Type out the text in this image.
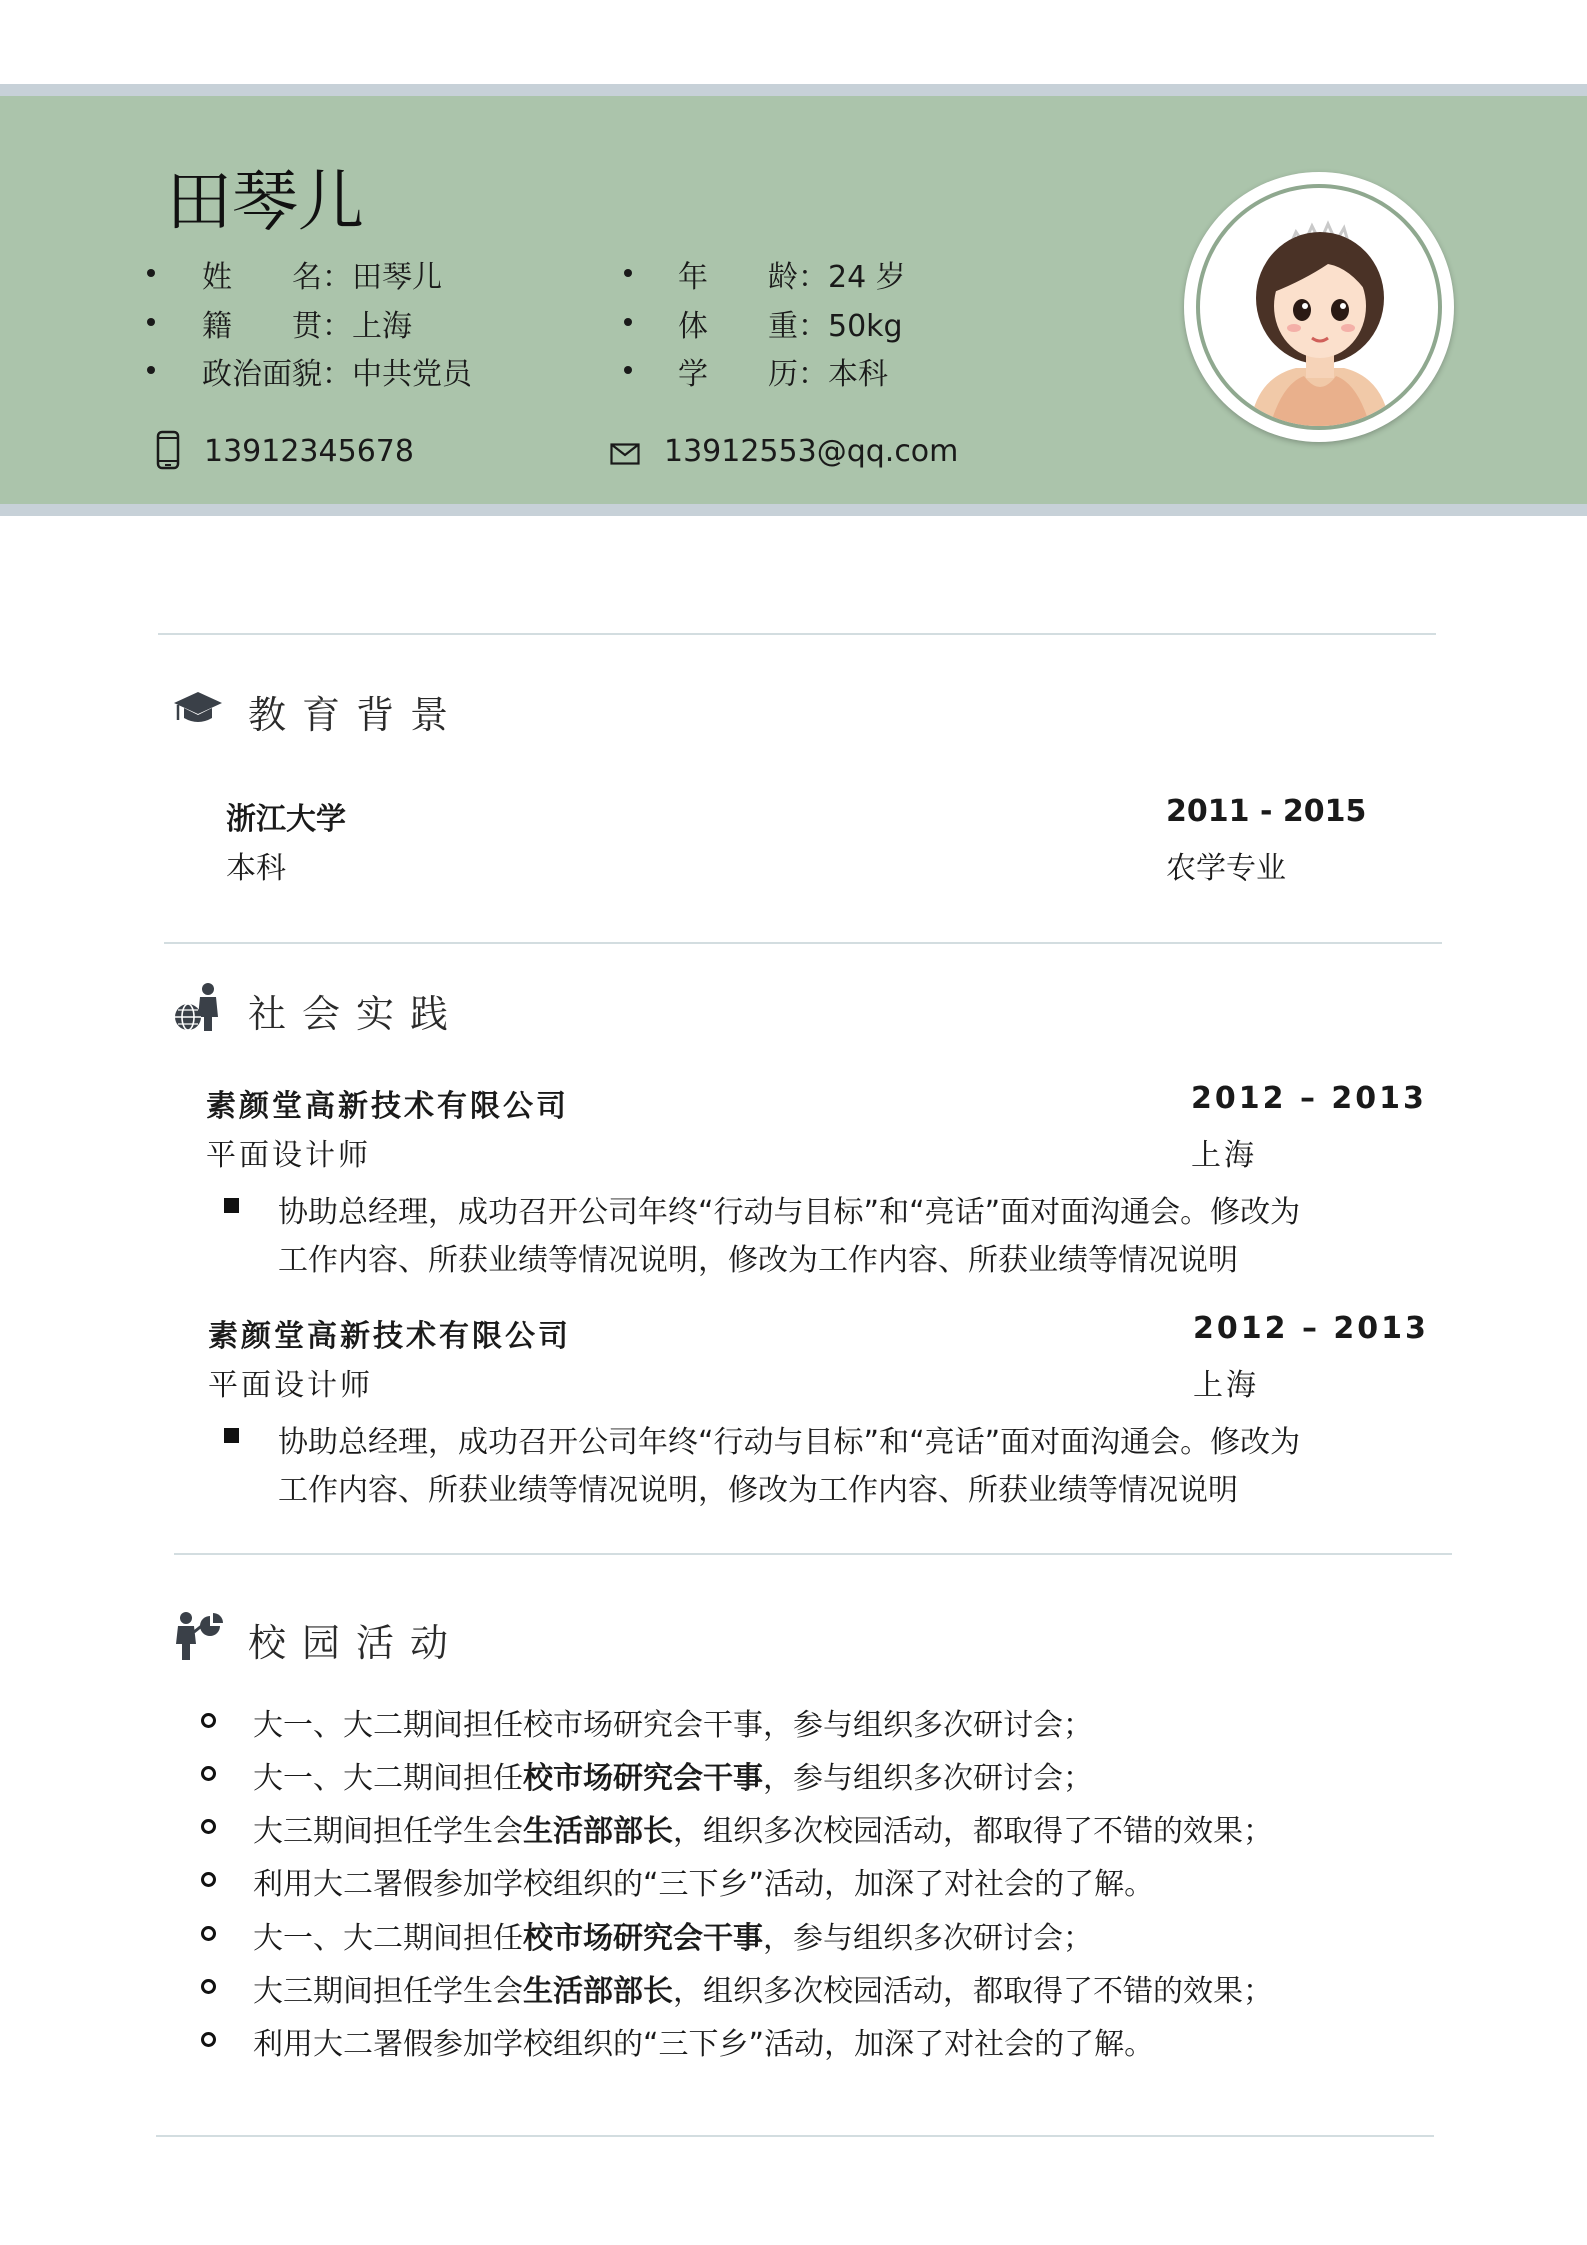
田琴儿
姓　　名：田琴儿
籍　　贯：上海
政治面貌：中共党员
年　　龄：24 岁
体　　重：50kg
学　　历：本科
13912345678	13912553@qq.com
教育背景
浙江大学
本科
2011 - 2015
农学专业
社会实践
素颜堂高新技术有限公司
平面设计师
2012 – 2013
上海
协助总经理，成功召开公司年终“行动与目标”和“亮话”面对面沟通会。修改为
工作内容、所获业绩等情况说明，修改为工作内容、所获业绩等情况说明
素颜堂高新技术有限公司
平面设计师
2012 – 2013
上海
协助总经理，成功召开公司年终“行动与目标”和“亮话”面对面沟通会。修改为
工作内容、所获业绩等情况说明，修改为工作内容、所获业绩等情况说明
校园活动
大一、大二期间担任校市场研究会干事，参与组织多次研讨会；
大一、大二期间担任校市场研究会干事，参与组织多次研讨会；
大三期间担任学生会生活部部长，组织多次校园活动，都取得了不错的效果；
利用大二署假参加学校组织的“三下乡”活动，加深了对社会的了解。
大一、大二期间担任校市场研究会干事，参与组织多次研讨会；
大三期间担任学生会生活部部长，组织多次校园活动，都取得了不错的效果；
利用大二署假参加学校组织的“三下乡”活动，加深了对社会的了解。
